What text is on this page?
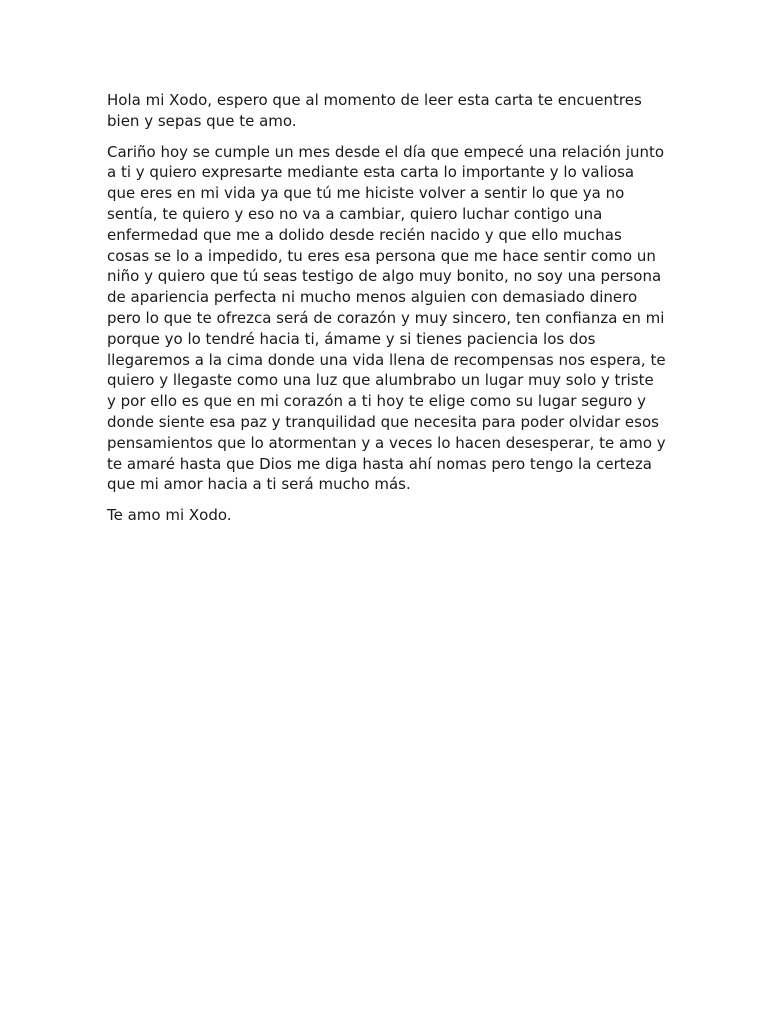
Hola mi Xodo, espero que al momento de leer esta carta te encuentres bien y sepas que te amo.

Cariño hoy se cumple un mes desde el día que empecé una relación junto a ti y quiero expresarte mediante esta carta lo importante y lo valiosa que eres en mi vida ya que tú me hiciste volver a sentir lo que ya no sentía, te quiero y eso no va a cambiar, quiero luchar contigo una enfermedad que me a dolido desde recién nacido y que ello muchas cosas se lo a impedido, tu eres esa persona que me hace sentir como un niño y quiero que tú seas testigo de algo muy bonito, no soy una persona de apariencia perfecta ni mucho menos alguien con demasiado dinero pero lo que te ofrezca será de corazón y muy sincero, ten confianza en mi porque yo lo tendré hacia ti, ámame y si tienes paciencia los dos llegaremos a la cima donde una vida llena de recompensas nos espera, te quiero y llegaste como una luz que alumbrabo un lugar muy solo y triste y por ello es que en mi corazón a ti hoy te elige como su lugar seguro y donde siente esa paz y tranquilidad que necesita para poder olvidar esos pensamientos que lo atormentan y a veces lo hacen desesperar, te amo y te amaré hasta que Dios me diga hasta ahí nomas pero tengo la certeza que mi amor hacia a ti será mucho más.

Te amo mi Xodo.
